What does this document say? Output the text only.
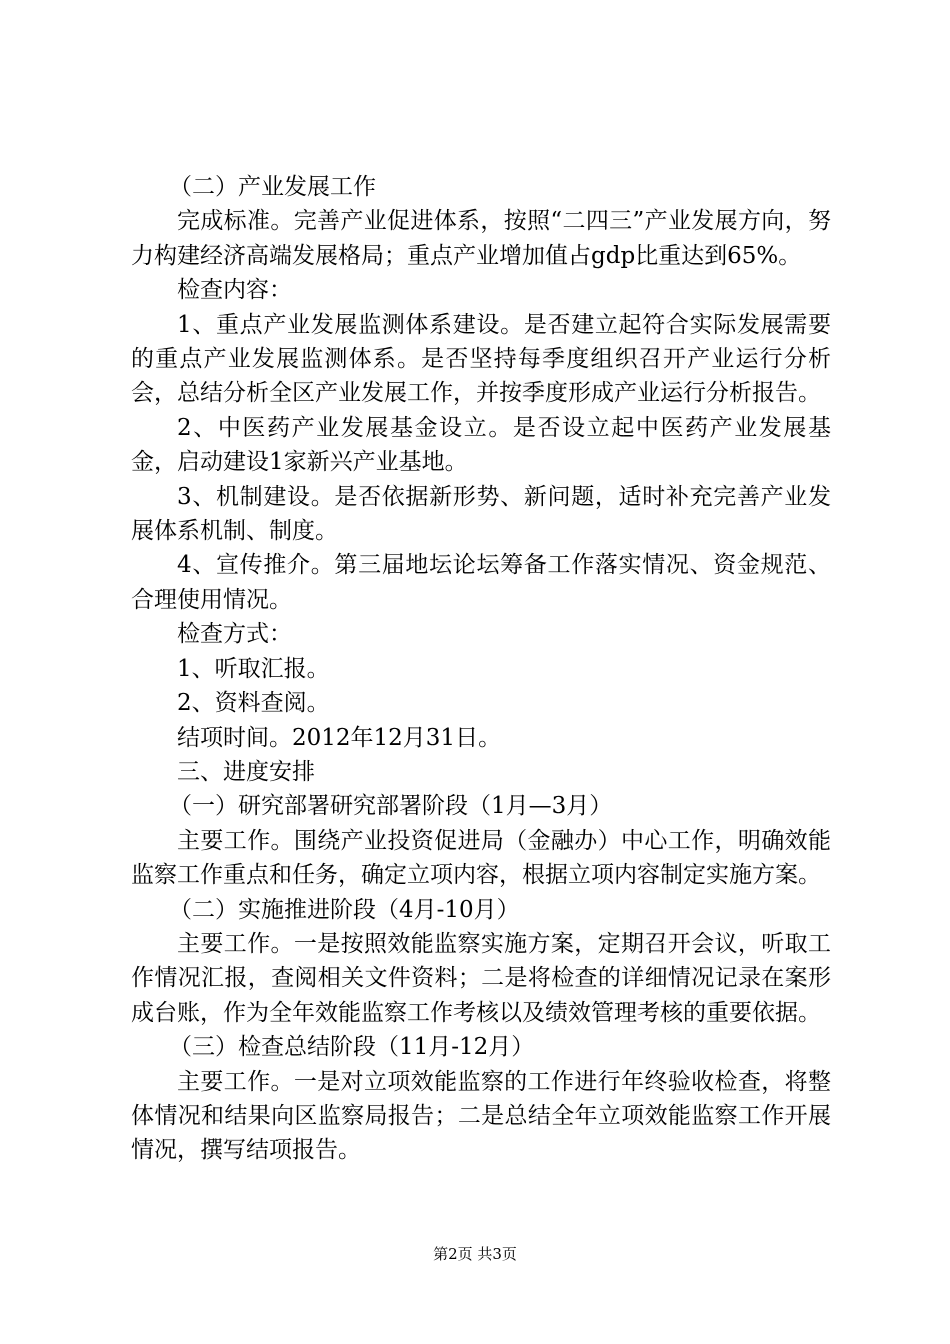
（二）产业发展工作

完成标准。完善产业促进体系，按照“二四三”产业发展方向，努力构建经济高端发展格局；重点产业增加值占gdp比重达到65%。

检查内容：

1、重点产业发展监测体系建设。是否建立起符合实际发展需要的重点产业发展监测体系。是否坚持每季度组织召开产业运行分析会，总结分析全区产业发展工作，并按季度形成产业运行分析报告。

2、中医药产业发展基金设立。是否设立起中医药产业发展基金，启动建设1家新兴产业基地。

3、机制建设。是否依据新形势、新问题，适时补充完善产业发展体系机制、制度。

4、宣传推介。第三届地坛论坛筹备工作落实情况、资金规范、合理使用情况。

检查方式：

1、听取汇报。

2、资料查阅。

结项时间。2012年12月31日。

三、进度安排

（一）研究部署研究部署阶段（1月—3月）

主要工作。围绕产业投资促进局（金融办）中心工作，明确效能监察工作重点和任务，确定立项内容，根据立项内容制定实施方案。

（二）实施推进阶段（4月-10月）

主要工作。一是按照效能监察实施方案，定期召开会议，听取工作情况汇报，查阅相关文件资料；二是将检查的详细情况记录在案形成台账，作为全年效能监察工作考核以及绩效管理考核的重要依据。

（三）检查总结阶段（11月-12月）

主要工作。一是对立项效能监察的工作进行年终验收检查，将整体情况和结果向区监察局报告；二是总结全年立项效能监察工作开展情况，撰写结项报告。

第2页 共3页
